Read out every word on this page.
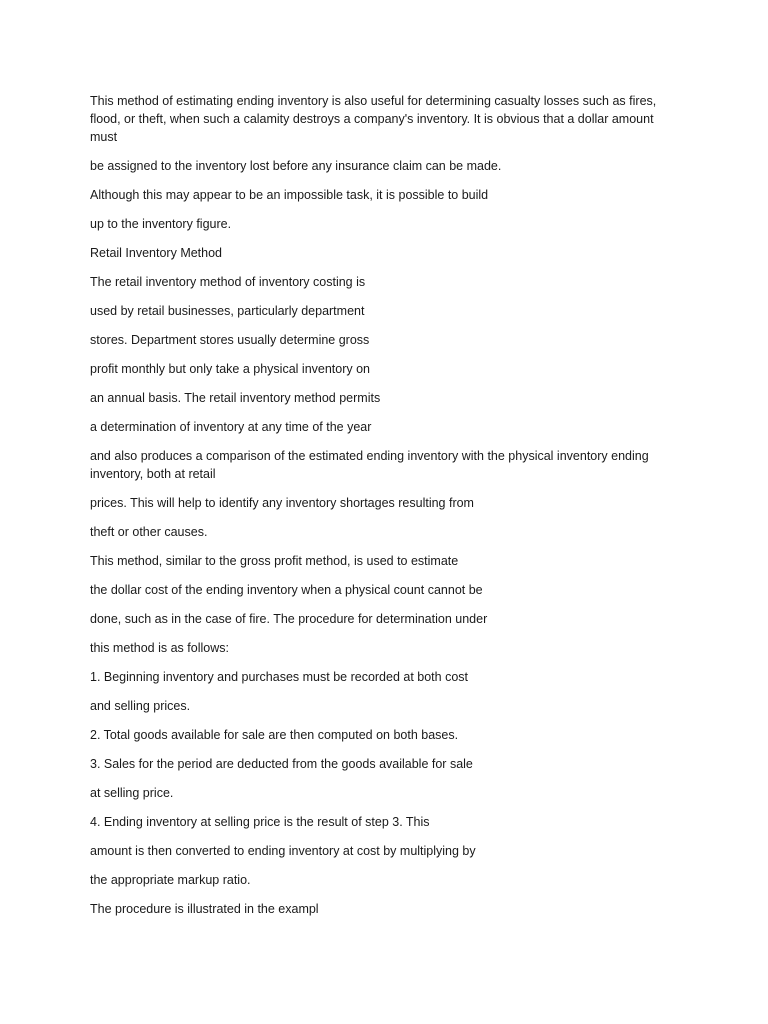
This method of estimating ending inventory is also useful for determining casualty losses such as fires, flood, or theft, when such a calamity destroys a company's inventory. It is obvious that a dollar amount must

be assigned to the inventory lost before any insurance claim can be made.

Although this may appear to be an impossible task, it is possible to build

up to the inventory figure.

Retail Inventory Method

The retail inventory method of inventory costing is

used by retail businesses, particularly department

stores. Department stores usually determine gross

profit monthly but only take a physical inventory on

an annual basis. The retail inventory method permits

a determination of inventory at any time of the year

and also produces a comparison of the estimated ending inventory with the physical inventory ending inventory, both at retail

prices. This will help to identify any inventory shortages resulting from

theft or other causes.

This method, similar to the gross profit method, is used to estimate

the dollar cost of the ending inventory when a physical count cannot be

done, such as in the case of fire. The procedure for determination under

this method is as follows:

1. Beginning inventory and purchases must be recorded at both cost

and selling prices.

2. Total goods available for sale are then computed on both bases.

3. Sales for the period are deducted from the goods available for sale

at selling price.

4. Ending inventory at selling price is the result of step 3. This

amount is then converted to ending inventory at cost by multiplying by

the appropriate markup ratio.

The procedure is illustrated in the exampl
